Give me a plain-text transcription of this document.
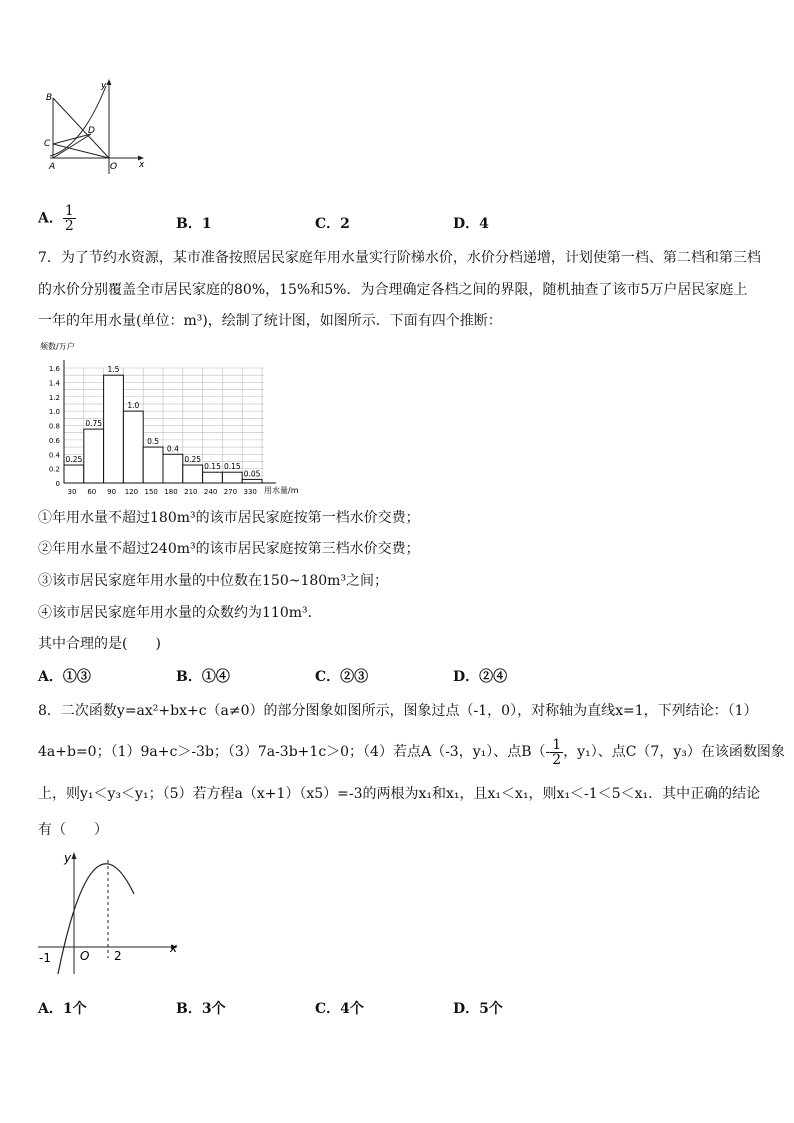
B
C
D
A	O x
y
A． $\frac{1}{2}$	B．1	C．2	D．4
7．为了节约水资源，某市准备按照居民家庭年用水量实行阶梯水价，水价分档递增，计划使第一档、第二档和第三档
的水价分别覆盖全市居民家庭的80%，15%和5%．为合理确定各档之间的界限，随机抽查了该市5万户居民家庭上
一年的年用水量(单位：m³)，绘制了统计图，如图所示．下面有四个推断：
0.25
0.75
1.5
1.0
0.5
0.4
0.25
0.15 0.15
0.05
0
0.2
0.4
0.6
0.8
1.0
1.2
1.4
1.6
30 60 90 120 150 180 210 240 270 330
频数/万户
用水量/m
①年用水量不超过180m³的该市居民家庭按第一档水价交费；
②年用水量不超过240m³的该市居民家庭按第三档水价交费；
③该市居民家庭年用水量的中位数在150~180m³之间；
④该市居民家庭年用水量的众数约为110m³．
其中合理的是(　　)
A．①③	B．①④	C．②③	D．②④
8．二次函数y=ax²+bx+c（a≠0）的部分图象如图所示，图象过点（-1，0），对称轴为直线x=1，下列结论：（1）
4a+b=0；（1）9a+c＞-3b；（3）7a-3b+1c＞0；（4）若点A（-3，y₁）、点$B(- \frac{1}{2}$ ，y₁）、点C（7，y₃）在该函数图象
上，则y₁＜y₃＜y₁；（5）若方程a（x+1）（x5）=-3的两根为x₁和x₁，且x₁＜x₁，则x₁＜-1＜5＜x₁．其中正确的结论
有（　　）
y
x
-1 O 2
A．1个	B．3个	C．4个	D．5个
